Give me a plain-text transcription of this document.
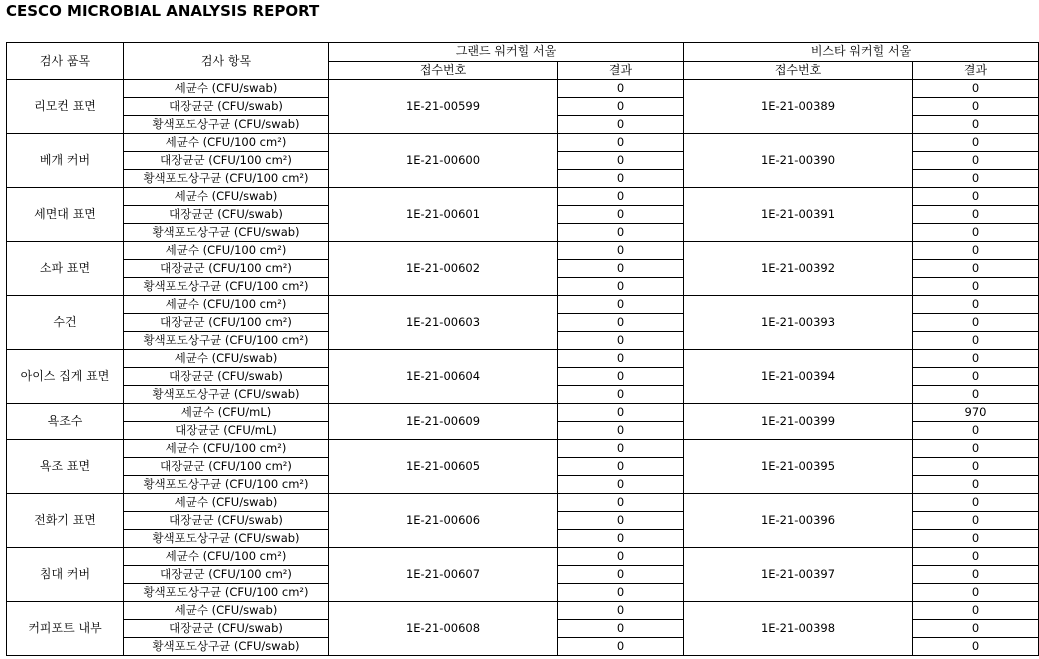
CESCO MICROBIAL ANALYSIS REPORT
검사 품목	검사 항목	그랜드 워커힐 서울		비스타 워커힐 서울	
		접수번호	결과	접수번호	결과
리모컨 표면	세균수 (CFU/swab)	1E-21-00599	0	1E-21-00389	0
	대장균군 (CFU/swab)		0		0
	황색포도상구균 (CFU/swab)		0		0
베개 커버	세균수 (CFU/100 cm²)	1E-21-00600	0	1E-21-00390	0
	대장균군 (CFU/100 cm²)		0		0
	황색포도상구균 (CFU/100 cm²)		0		0
세면대 표면	세균수 (CFU/swab)	1E-21-00601	0	1E-21-00391	0
	대장균군 (CFU/swab)		0		0
	황색포도상구균 (CFU/swab)		0		0
소파 표면	세균수 (CFU/100 cm²)	1E-21-00602	0	1E-21-00392	0
	대장균군 (CFU/100 cm²)		0		0
	황색포도상구균 (CFU/100 cm²)		0		0
수건	세균수 (CFU/100 cm²)	1E-21-00603	0	1E-21-00393	0
	대장균군 (CFU/100 cm²)		0		0
	황색포도상구균 (CFU/100 cm²)		0		0
아이스 집게 표면	세균수 (CFU/swab)	1E-21-00604	0	1E-21-00394	0
	대장균군 (CFU/swab)		0		0
	황색포도상구균 (CFU/swab)		0		0
욕조수	세균수 (CFU/mL)	1E-21-00609	0	1E-21-00399	970
	대장균군 (CFU/mL)		0		0
욕조 표면	세균수 (CFU/100 cm²)	1E-21-00605	0	1E-21-00395	0
	대장균군 (CFU/100 cm²)		0		0
	황색포도상구균 (CFU/100 cm²)		0		0
전화기 표면	세균수 (CFU/swab)	1E-21-00606	0	1E-21-00396	0
	대장균군 (CFU/swab)		0		0
	황색포도상구균 (CFU/swab)		0		0
침대 커버	세균수 (CFU/100 cm²)	1E-21-00607	0	1E-21-00397	0
	대장균군 (CFU/100 cm²)		0		0
	황색포도상구균 (CFU/100 cm²)		0		0
커피포트 내부	세균수 (CFU/swab)	1E-21-00608	0	1E-21-00398	0
	대장균군 (CFU/swab)		0		0
	황색포도상구균 (CFU/swab)		0		0
